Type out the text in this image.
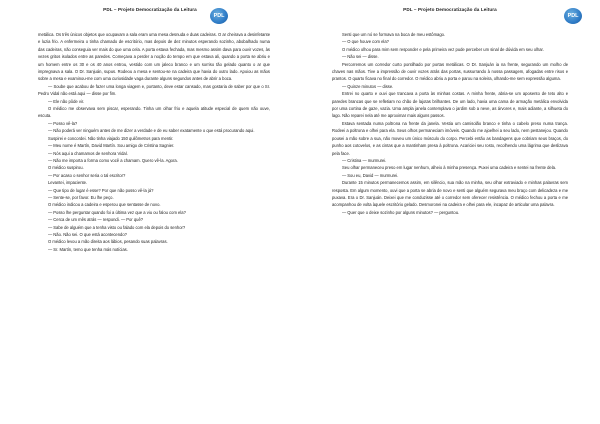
PDL – Projeto Democratização da Leitura
PDL

metálica. Os três únicos objetos que ocupavam a sala eram uma mesa desnuda e duas cadeiras. O ar cheirava a desinfetante e luzia frio. A enfermeira o tinha chamado de escritório, mas depois de dez minutos esperando sozinho, abobalhado numa das cadeiras, não conseguia ver mais do que uma cela. A porta estava fechada, mas mesmo assim dava para ouvir vozes, às vezes gritos isolados entre as paredes. Começava a perder a noção do tempo em que estava ali, quando a porta se abriu e um homem entre os 30 e os 40 anos entrou, vestido com um jaleco branco e um sorriso tão gelado quanto o ar que impregnava a sala. O Dr. Sanjuán, supus. Rodeou a mesa e sentou-se na cadeira que havia do outro lado. Apoiou as mãos sobre a mesa e examinou-me com uma curiosidade vaga durante alguns segundos antes de abrir a boca.

— Soube que acabou de fazer uma longa viagem e, portanto, deve estar cansado, mas gostaria de saber por que o Sr. Pedro Vidal não está aqui — disse por fim.

— Ele não pôde vir.

O médico me observava sem piscar, esperando. Tinha um olhar frio e aquela atitude especial de quem não ouve, escuta.

— Posso vê-la?

— Não poderá ver ninguém antes de me dizer a verdade e de eu saber exatamente o que está procurando aqui.

Suspirei e concordei. Não tinha viajado 150 quilômetros para mentir.

— Meu nome é Martín, David Martín. Sou amigo de Cristina Sagnier.

— Nós aqui a chamamos de senhora Vidal.

— Não me importa a forma como você a chamam. Quero vê-la. Agora.

O médico suspirou.

— Por acaso o senhor seria o tal escritor?

Levantei, impaciente.

— Que tipo de lugar é esse? Por que não posso vê-la já?

— Sente-se, por favor. Eu lhe peço.

O médico indicou a cadeira e esperou que sentasse de novo.

— Posso lhe perguntar quando foi a última vez que a viu ou falou com ela?

— Cerca de um mês atrás — respondi. — Por quê?

— Sabe de alguém que a tenha visto ou falado com ela depois do senhor?

— Não. Não sei. O que está acontecendo?

O médico levou a mão direita aos lábios, pesando suas palavras.

— Sr. Martín, temo que tenha más notícias.

PDL – Projeto Democratização da Leitura
PDL

Senti que um nó se formava na boca de meu estômago.

— O que houve com ela?

O médico olhou para mim sem responder e pela primeira vez pude perceber um sinal de dúvida em seu olhar.

— Não sei — disse.

Percorremos um corredor curto pontilhado por portas metálicas. O Dr. Sanjuán ia na frente, segurando um molho de chaves nas mãos. Tive a impressão de ouvir vozes atrás das portas, sussurrando à nossa passagem, afogadas entre risos e prantos. O quarto ficava no final do corredor. O médico abriu a porta e parou na soleira, olhando-me sem expressão alguma.

— Quinze minutos — disse.

Entrei no quarto e ouvi que trancava a porta às minhas costas. A minha frente, abria-se um aposento de teto alto e paredes brancas que se refletiam no chão de lajotas brilhantes. De um lado, havia uma cama de armação metálica envolvida por uma cortina de gaze, vazia. Uma ampla janela contemplava o jardim sob a neve, as árvores e, mais adiante, a silhueta do lago. Não reparei nela até me aproximar mais alguns passos.

Estava sentada numa poltrona na frente da janela. Vestia um camisolão branco e tinha o cabelo preso numa trança. Rodeei a poltrona e olhei para ela. Seus olhos permaneciam imóveis. Quando me ajoelhei a seu lado, nem pestanejou. Quando pousei a mão sobre a sua, não moveu um único músculo do corpo. Percebi então as bandagens que cobriam seus braços, do punho aos cotovelos, e as cintas que a mantinham presa à poltrona. Acariciei seu rosto, recolhendo uma lágrima que deslizava pela face.

— Cristina — murmurei.

Seu olhar permaneceu preso em lugar nenhum, alheio à minha presença. Puxei uma cadeira e sentei na frente dela.

— Sou eu, David — murmurei.

Durante 15 minutos permanecemos assim, em silêncio, sua mão na minha, seu olhar extraviado e minhas palavras sem resposta. Em algum momento, ouvi que a porta se abria de novo e senti que alguém segurava meu braço com delicadeza e me puxava. Era o Dr. Sanjuán. Deixei que me conduzisse até o corredor sem oferecer resistência. O médico fechou a porta e me acompanhou de volta àquele escritório gelado. Desmoronei na cadeira e olhei para ele, incapaz de articular uma palavra.

— Quer que o deixe sozinho por alguns minutos? — perguntou.
